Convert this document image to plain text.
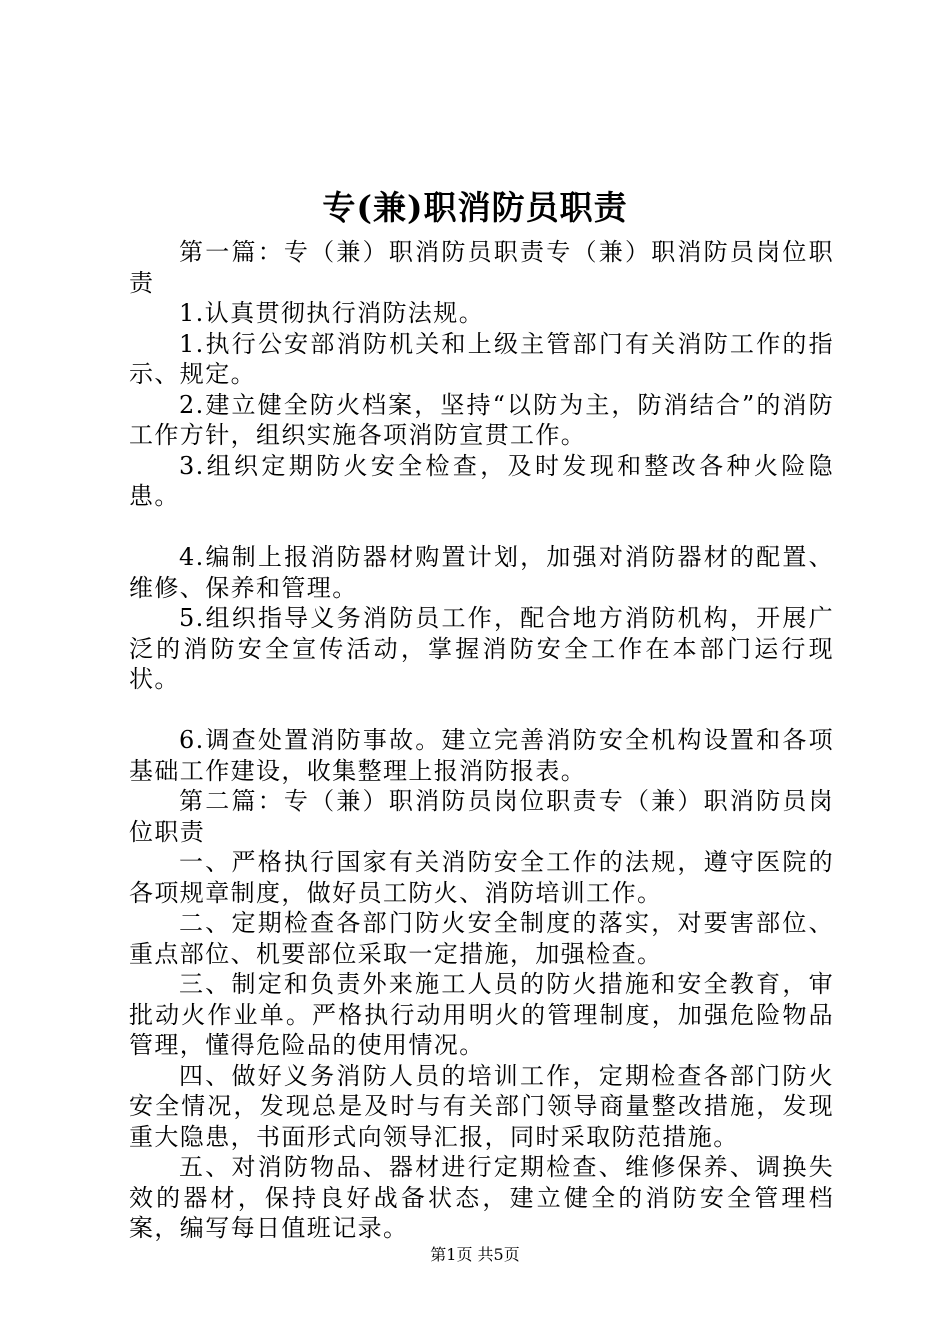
专(兼)职消防员职责

第一篇：专（兼）职消防员职责专（兼）职消防员岗位职责

1.认真贯彻执行消防法规。

1.执行公安部消防机关和上级主管部门有关消防工作的指示、规定。

2.建立健全防火档案，坚持“以防为主，防消结合”的消防工作方针，组织实施各项消防宣贯工作。

3.组织定期防火安全检查，及时发现和整改各种火险隐患。

4.编制上报消防器材购置计划，加强对消防器材的配置、维修、保养和管理。

5.组织指导义务消防员工作，配合地方消防机构，开展广泛的消防安全宣传活动，掌握消防安全工作在本部门运行现状。

6.调查处置消防事故。建立完善消防安全机构设置和各项基础工作建设，收集整理上报消防报表。

第二篇：专（兼）职消防员岗位职责专（兼）职消防员岗位职责

一、严格执行国家有关消防安全工作的法规，遵守医院的各项规章制度，做好员工防火、消防培训工作。

二、定期检查各部门防火安全制度的落实，对要害部位、重点部位、机要部位采取一定措施，加强检查。

三、制定和负责外来施工人员的防火措施和安全教育，审批动火作业单。严格执行动用明火的管理制度，加强危险物品管理，懂得危险品的使用情况。

四、做好义务消防人员的培训工作，定期检查各部门防火安全情况，发现总是及时与有关部门领导商量整改措施，发现重大隐患，书面形式向领导汇报，同时采取防范措施。

五、对消防物品、器材进行定期检查、维修保养、调换失效的器材，保持良好战备状态，建立健全的消防安全管理档案，编写每日值班记录。

第1页 共5页
